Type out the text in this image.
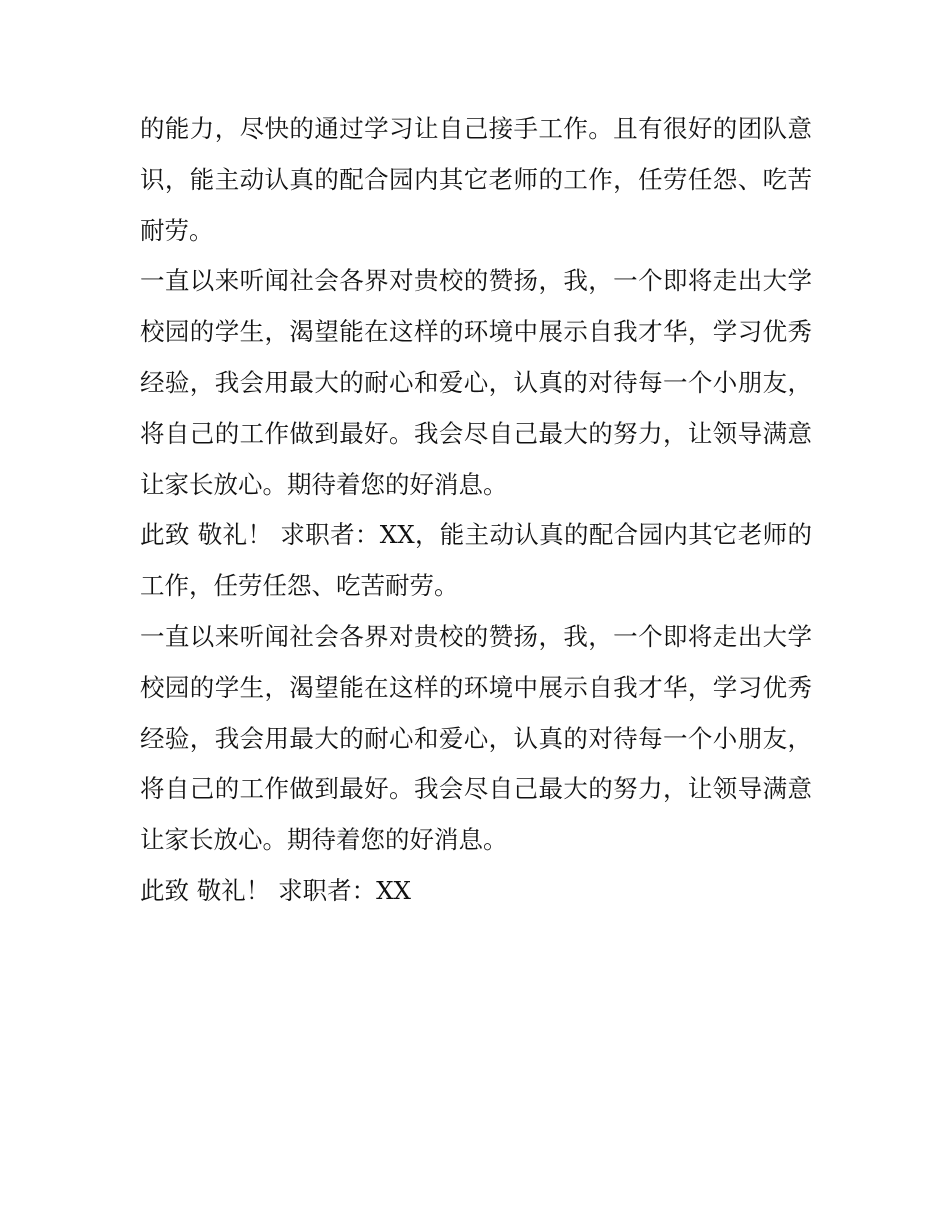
的能力，尽快的通过学习让自己接手工作。且有很好的团队意识，能主动认真的配合园内其它老师的工作，任劳任怨、吃苦耐劳。

一直以来听闻社会各界对贵校的赞扬，我，一个即将走出大学校园的学生，渴望能在这样的环境中展示自我才华，学习优秀经验，我会用最大的耐心和爱心，认真的对待每一个小朋友，将自己的工作做到最好。我会尽自己最大的努力，让领导满意让家长放心。期待着您的好消息。

此致 敬礼！ 求职者：XX，能主动认真的配合园内其它老师的工作，任劳任怨、吃苦耐劳。

一直以来听闻社会各界对贵校的赞扬，我，一个即将走出大学校园的学生，渴望能在这样的环境中展示自我才华，学习优秀经验，我会用最大的耐心和爱心，认真的对待每一个小朋友，将自己的工作做到最好。我会尽自己最大的努力，让领导满意让家长放心。期待着您的好消息。

此致 敬礼！ 求职者：XX
